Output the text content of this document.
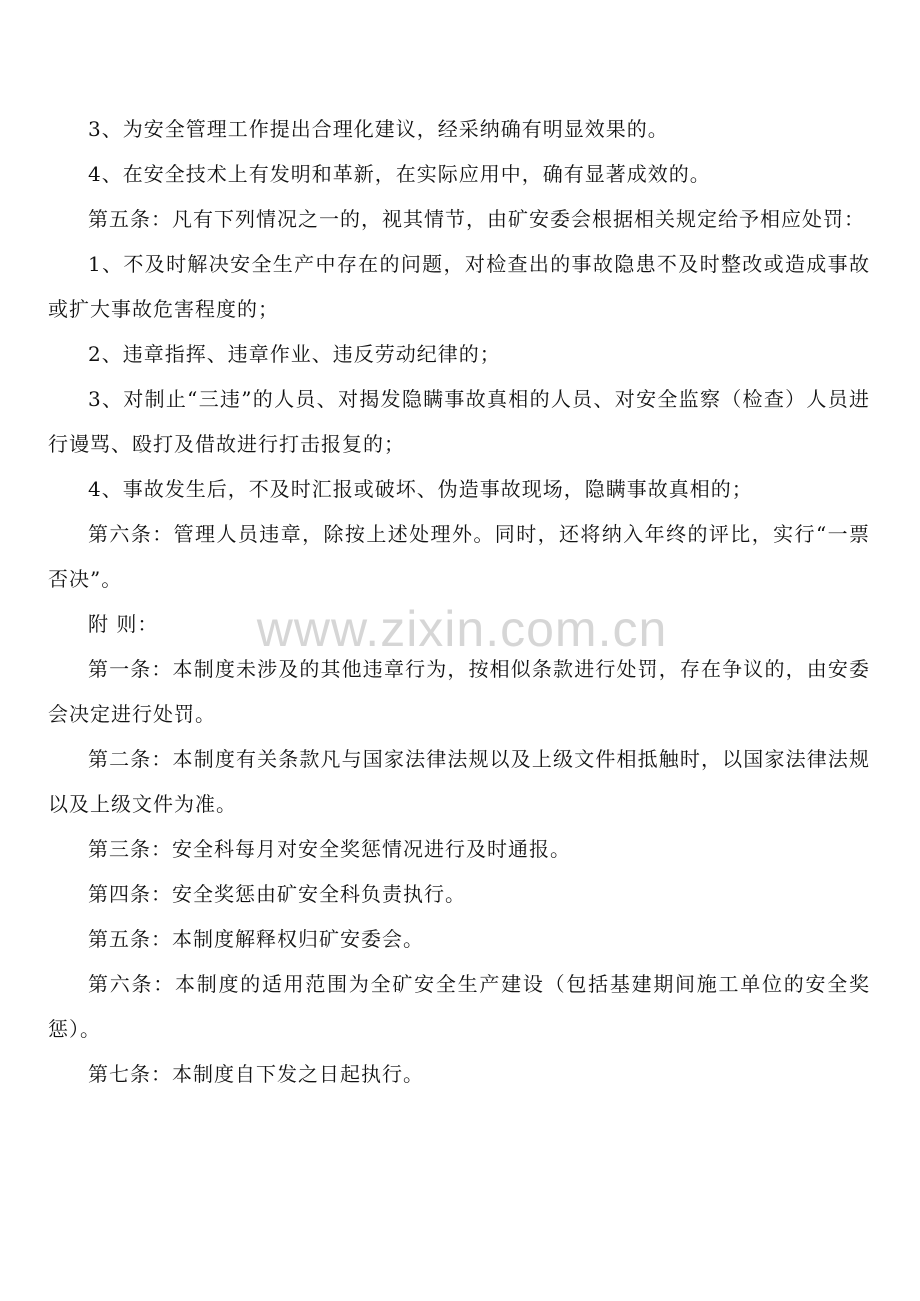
3、为安全管理工作提出合理化建议，经采纳确有明显效果的。

4、在安全技术上有发明和革新，在实际应用中，确有显著成效的。

第五条：凡有下列情况之一的，视其情节，由矿安委会根据相关规定给予相应处罚：

1、不及时解决安全生产中存在的问题，对检查出的事故隐患不及时整改或造成事故或扩大事故危害程度的；

2、违章指挥、违章作业、违反劳动纪律的；

3、对制止“三违”的人员、对揭发隐瞒事故真相的人员、对安全监察（检查）人员进行谩骂、殴打及借故进行打击报复的；

4、事故发生后，不及时汇报或破坏、伪造事故现场，隐瞒事故真相的；

第六条：管理人员违章，除按上述处理外。同时，还将纳入年终的评比，实行“一票否决”。

附 则：

第一条：本制度未涉及的其他违章行为，按相似条款进行处罚，存在争议的，由安委会决定进行处罚。

第二条：本制度有关条款凡与国家法律法规以及上级文件相抵触时，以国家法律法规以及上级文件为准。

第三条：安全科每月对安全奖惩情况进行及时通报。

第四条：安全奖惩由矿安全科负责执行。

第五条：本制度解释权归矿安委会。

第六条：本制度的适用范围为全矿安全生产建设（包括基建期间施工单位的安全奖惩）。

第七条：本制度自下发之日起执行。

www.zixin.com.cn
